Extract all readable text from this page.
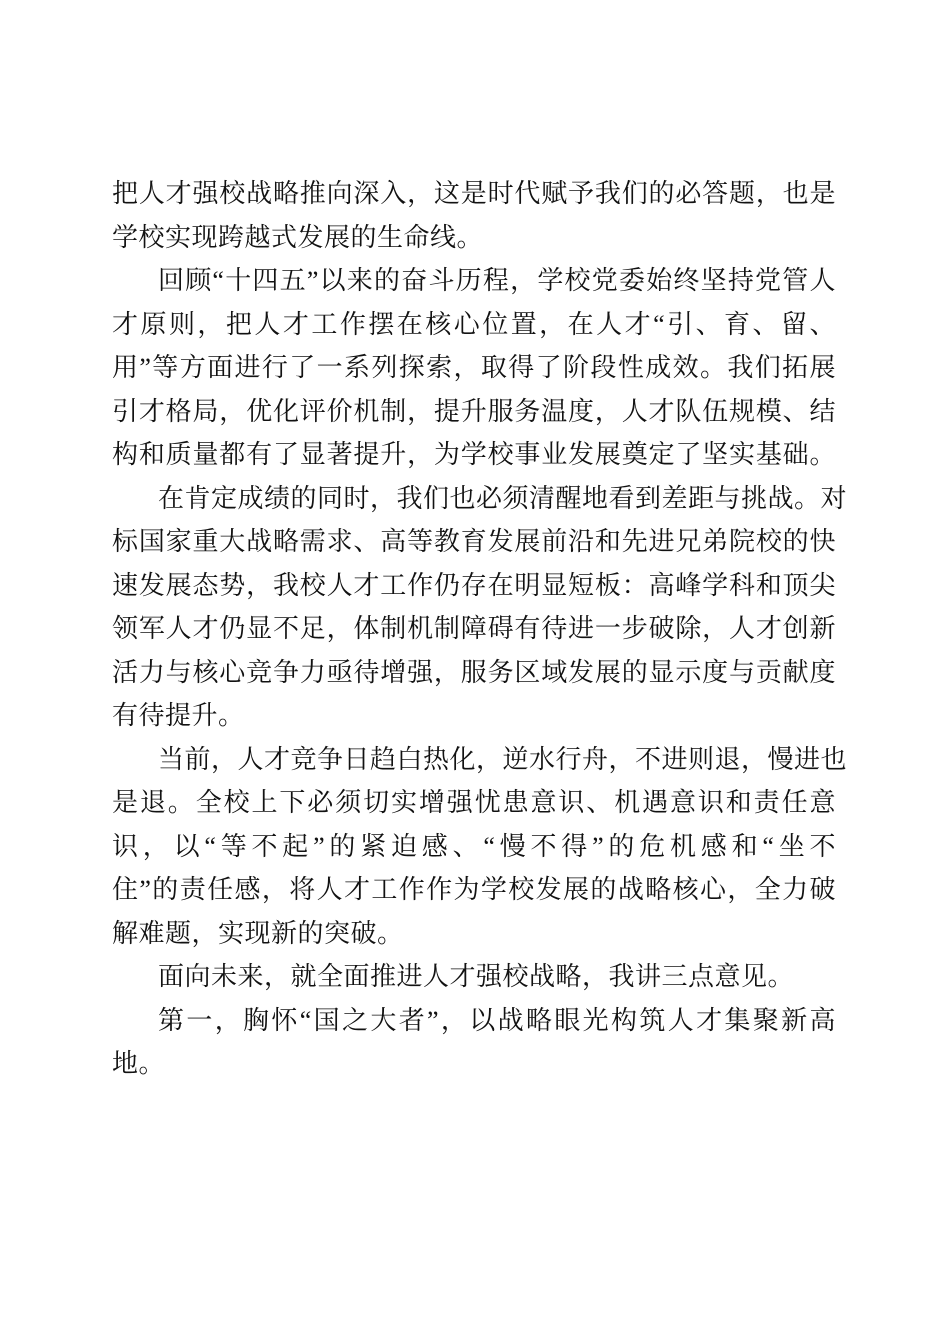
把人才强校战略推向深入，这是时代赋予我们的必答题，也是
学校实现跨越式发展的生命线。
回顾“十四五”以来的奋斗历程，学校党委始终坚持党管人
才原则，把人才工作摆在核心位置，在人才“引、育、留、
用”等方面进行了一系列探索，取得了阶段性成效。我们拓展
引才格局，优化评价机制，提升服务温度，人才队伍规模、结
构和质量都有了显著提升，为学校事业发展奠定了坚实基础。
在肯定成绩的同时，我们也必须清醒地看到差距与挑战。对
标国家重大战略需求、高等教育发展前沿和先进兄弟院校的快
速发展态势，我校人才工作仍存在明显短板：高峰学科和顶尖
领军人才仍显不足，体制机制障碍有待进一步破除，人才创新
活力与核心竞争力亟待增强，服务区域发展的显示度与贡献度
有待提升。
当前，人才竞争日趋白热化，逆水行舟，不进则退，慢进也
是退。全校上下必须切实增强忧患意识、机遇意识和责任意
识，以“等不起”的紧迫感、“慢不得”的危机感和“坐不
住”的责任感，将人才工作作为学校发展的战略核心，全力破
解难题，实现新的突破。
面向未来，就全面推进人才强校战略，我讲三点意见。
第一，胸怀“国之大者”，以战略眼光构筑人才集聚新高
地。
